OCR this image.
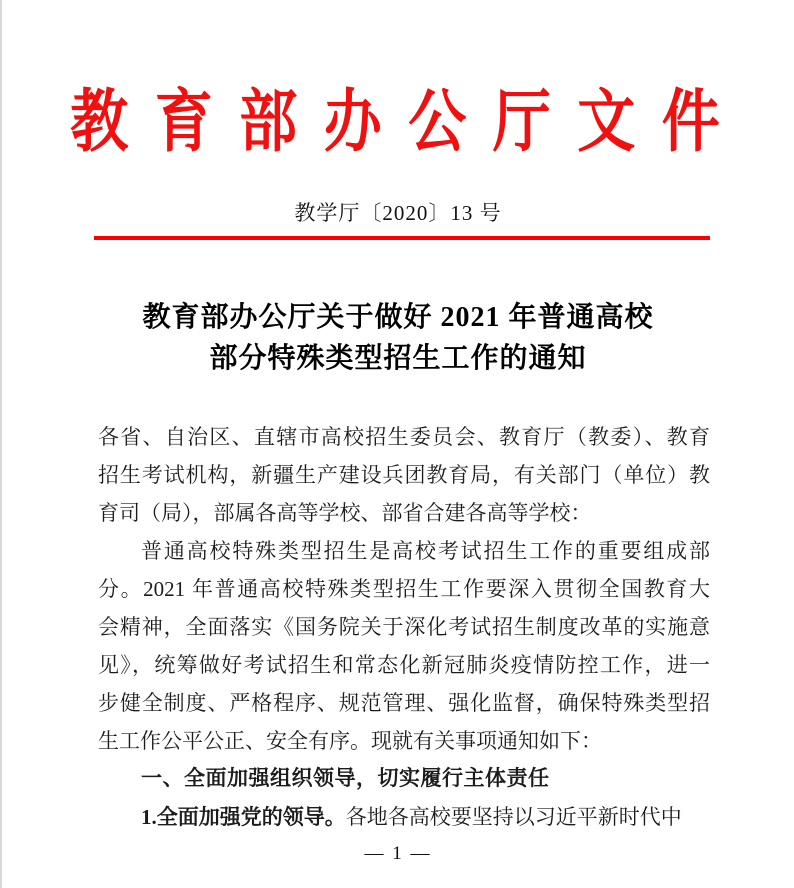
教 育 部 办 公 厅 文 件
教学厅〔2020〕13 号
教育部办公厅关于做好 2021 年普通高校
部分特殊类型招生工作的通知
各省、自治区、直辖市高校招生委员会、教育厅（教委）、教育
招生考试机构，新疆生产建设兵团教育局，有关部门（单位）教
育司（局），部属各高等学校、部省合建各高等学校：
普通高校特殊类型招生是高校考试招生工作的重要组成部
分。2021 年普通高校特殊类型招生工作要深入贯彻全国教育大
会精神，全面落实《国务院关于深化考试招生制度改革的实施意
见》，统筹做好考试招生和常态化新冠肺炎疫情防控工作，进一
步健全制度、严格程序、规范管理、强化监督，确保特殊类型招
生工作公平公正、安全有序。现就有关事项通知如下：
一、全面加强组织领导，切实履行主体责任
1.全面加强党的领导。各地各高校要坚持以习近平新时代中
— 1 —
